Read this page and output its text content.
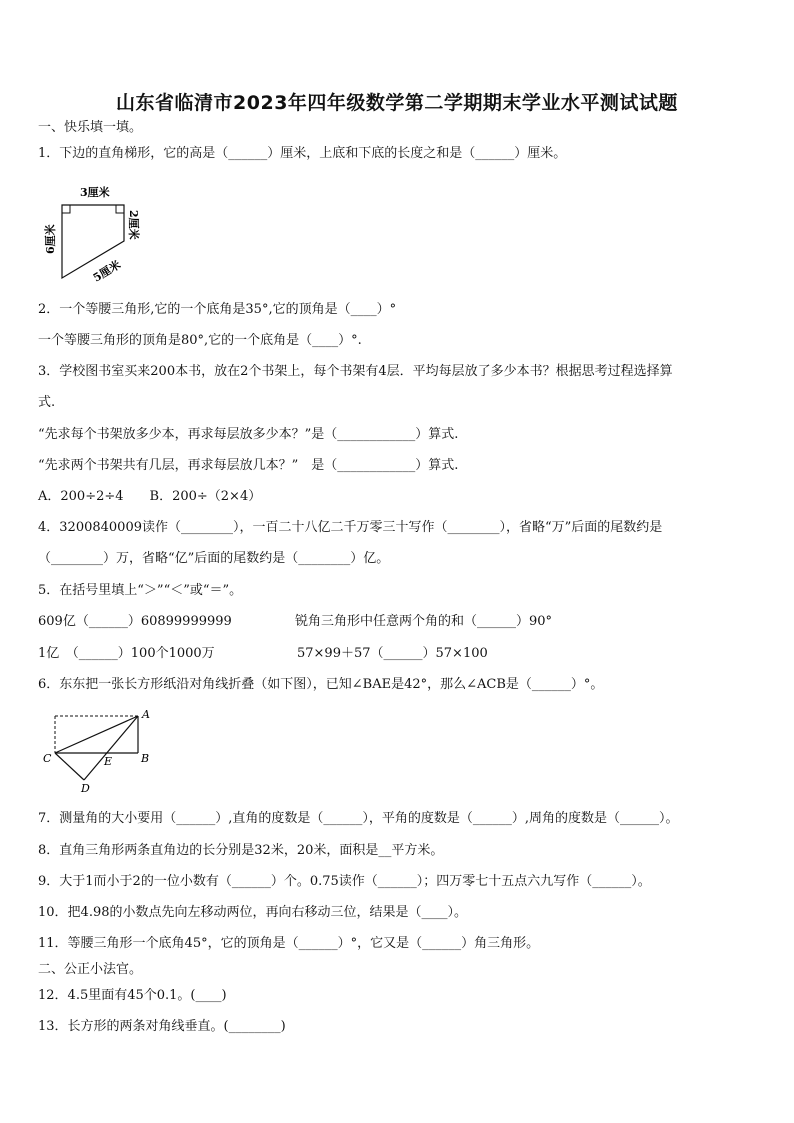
山东省临清市2023年四年级数学第二学期期末学业水平测试试题
一、快乐填一填。
1．下边的直角梯形，它的高是（______）厘米，上底和下底的长度之和是（______）厘米。
3厘米
6厘米	2厘米
5厘米
2．一个等腰三角形,它的一个底角是35°,它的顶角是（____）°
一个等腰三角形的顶角是80°,它的一个底角是（____）°.
3．学校图书室买来200本书，放在2个书架上，每个书架有4层．平均每层放了多少本书？根据思考过程选择算
式.
“先求每个书架放多少本，再求每层放多少本？”是（____________）算式.
“先求两个书架共有几层，再求每层放几本？”　是（____________）算式.
A．200÷2÷4　　B．200÷（2×4）
4．3200840009读作（________），一百二十八亿二千万零三十写作（________），省略“万”后面的尾数约是
（________）万，省略“亿”后面的尾数约是（________）亿。
5．在括号里填上“＞”“＜”或“＝”。
609亿（______）60899999999	锐角三角形中任意两个角的和（______）90°
1亿　（______）100个1000万	57×99＋57（______）57×100
6．东东把一张长方形纸沿对角线折叠（如下图），已知∠BAE是42°，那么∠ACB是（______）°。
A
B
C
D
E
7．测量角的大小要用（______）,直角的度数是（______），平角的度数是（______）,周角的度数是（______）。
8．直角三角形两条直角边的长分别是32米，20米，面积是__平方米。
9．大于1而小于2的一位小数有（______）个。0.75读作（______）；四万零七十五点六九写作（______）。
10．把4.98的小数点先向左移动两位，再向右移动三位，结果是（____）。
11．等腰三角形一个底角45°，它的顶角是（______）°，它又是（______）角三角形。
二、公正小法官。
12．4.5里面有45个0.1。(____)
13．长方形的两条对角线垂直。(________)
